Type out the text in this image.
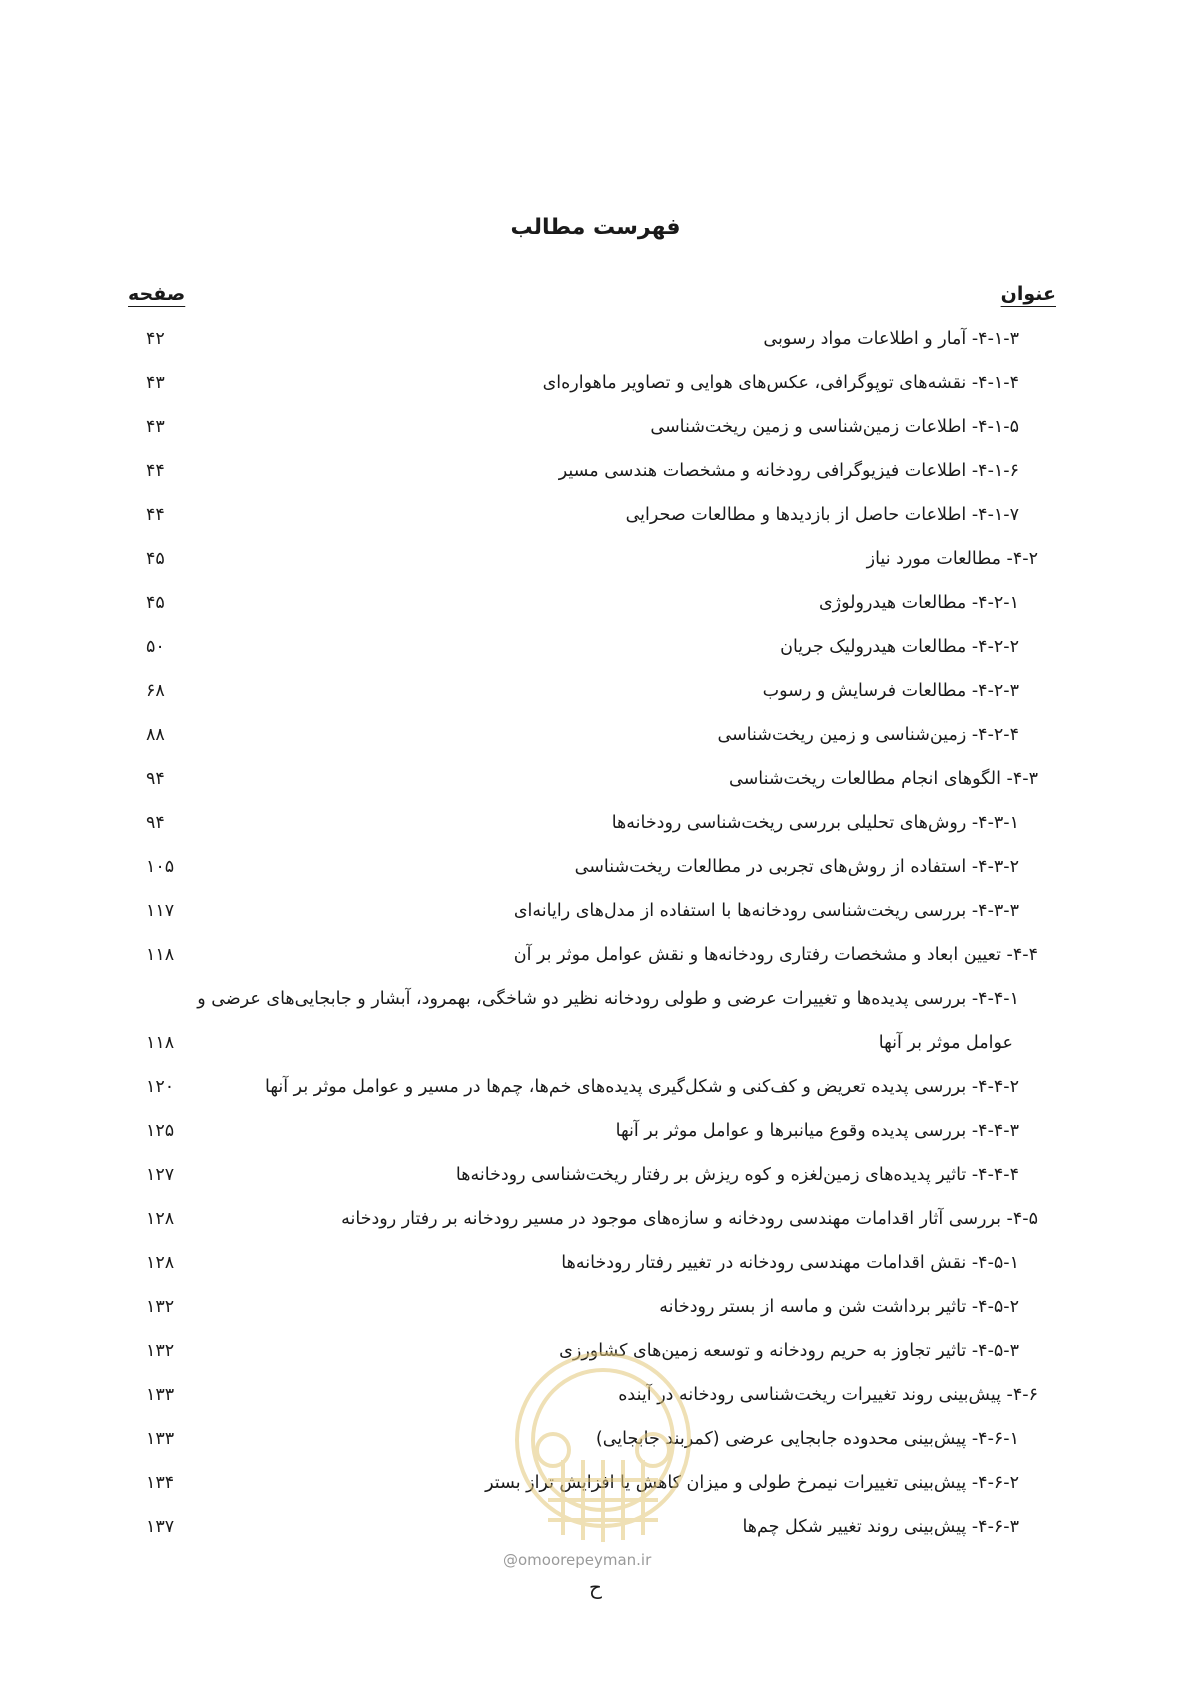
فهرست مطالب
عنوان
صفحه
۴-۱-۳- آمار و اطلاعات مواد رسوبی
۴۲
۴-۱-۴- نقشه‌های توپوگرافی، عکس‌های هوایی و تصاویر ماهواره‌ای
۴۳
۴-۱-۵- اطلاعات زمین‌شناسی و زمین ریخت‌شناسی
۴۳
۴-۱-۶- اطلاعات فیزیوگرافی رودخانه و مشخصات هندسی مسیر
۴۴
۴-۱-۷- اطلاعات حاصل از بازدیدها و مطالعات صحرایی
۴۴
۴-۲- مطالعات مورد نیاز
۴۵
۴-۲-۱- مطالعات هیدرولوژی
۴۵
۴-۲-۲- مطالعات هیدرولیک جریان
۵۰
۴-۲-۳- مطالعات فرسایش و رسوب
۶۸
۴-۲-۴- زمین‌شناسی و زمین ریخت‌شناسی
۸۸
۴-۳- الگوهای انجام مطالعات ریخت‌شناسی
۹۴
۴-۳-۱- روش‌های تحلیلی بررسی ریخت‌شناسی رودخانه‌ها
۹۴
۴-۳-۲- استفاده از روش‌های تجربی در مطالعات ریخت‌شناسی
۱۰۵
۴-۳-۳- بررسی ریخت‌شناسی رودخانه‌ها با استفاده از مدل‌های رایانه‌ای
۱۱۷
۴-۴- تعیین ابعاد و مشخصات رفتاری رودخانه‌ها و نقش عوامل موثر بر آن
۱۱۸
۴-۴-۱- بررسی پدیده‌ها و تغییرات عرضی و طولی رودخانه نظیر دو شاخگی، بهمرود، آبشار و جابجایی‌های عرضی و
عوامل موثر بر آنها
۱۱۸
۴-۴-۲- بررسی پدیده تعریض و کف‌کنی و شکل‌گیری پدیده‌های خم‌ها، چم‌ها در مسیر و عوامل موثر بر آنها
۱۲۰
۴-۴-۳- بررسی پدیده وقوع میانبرها و عوامل موثر بر آنها
۱۲۵
۴-۴-۴- تاثیر پدیده‌های زمین‌لغزه و کوه ریزش بر رفتار ریخت‌شناسی رودخانه‌ها
۱۲۷
۴-۵- بررسی آثار اقدامات مهندسی رودخانه و سازه‌های موجود در مسیر رودخانه بر رفتار رودخانه
۱۲۸
۴-۵-۱- نقش اقدامات مهندسی رودخانه در تغییر رفتار رودخانه‌ها
۱۲۸
۴-۵-۲- تاثیر برداشت شن و ماسه از بستر رودخانه
۱۳۲
۴-۵-۳- تاثیر تجاوز به حریم رودخانه و توسعه زمین‌های کشاورزی
۱۳۲
۴-۶- پیش‌بینی روند تغییرات ریخت‌شناسی رودخانه در آینده
۱۳۳
۴-۶-۱- پیش‌بینی محدوده جابجایی عرضی (کمربند جابجایی)
۱۳۳
۴-۶-۲- پیش‌بینی تغییرات نیمرخ طولی و میزان کاهش یا افزایش تراز بستر
۱۳۴
۴-۶-۳- پیش‌بینی روند تغییر شکل چم‌ها
۱۳۷
@omoorepeyman.ir
ح
